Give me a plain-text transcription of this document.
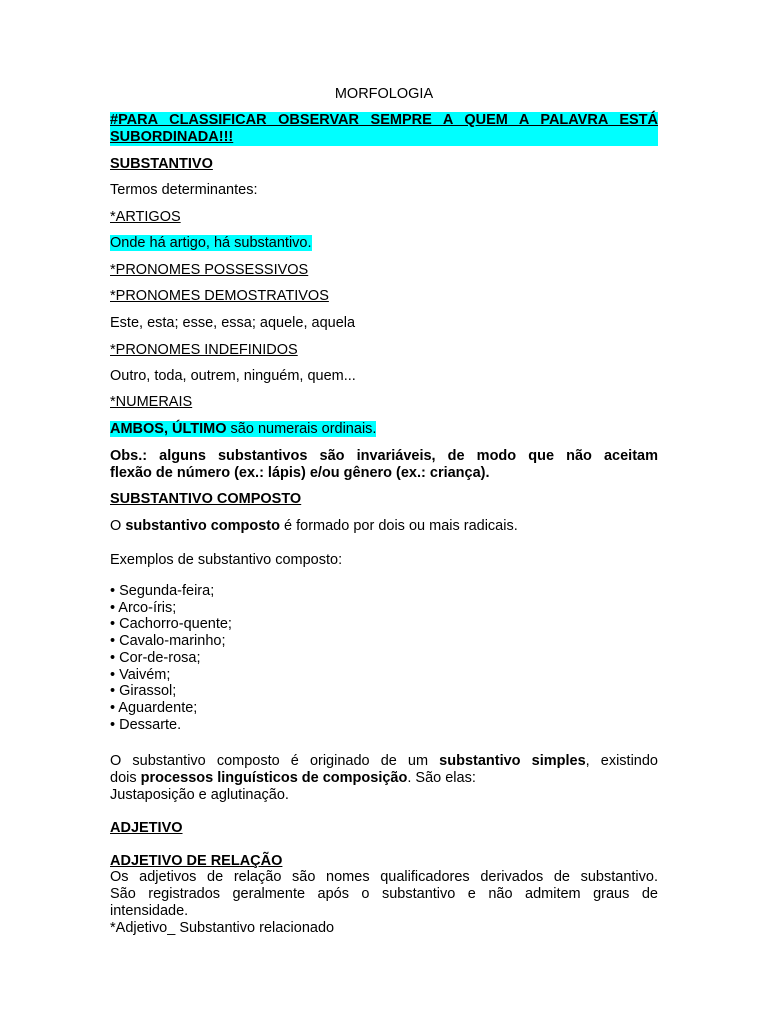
MORFOLOGIA

#PARA CLASSIFICAR OBSERVAR SEMPRE A QUEM A PALAVRA ESTÁ

SUBORDINADA!!!

SUBSTANTIVO

Termos determinantes:

*ARTIGOS

Onde há artigo, há substantivo.

*PRONOMES POSSESSIVOS

*PRONOMES DEMOSTRATIVOS

Este, esta; esse, essa; aquele, aquela

*PRONOMES INDEFINIDOS

Outro, toda, outrem, ninguém, quem...

*NUMERAIS

AMBOS, ÚLTIMO são numerais ordinais.

Obs.: alguns substantivos são invariáveis, de modo que não aceitam

flexão de número (ex.: lápis) e/ou gênero (ex.: criança).

SUBSTANTIVO COMPOSTO

O substantivo composto é formado por dois ou mais radicais.

Exemplos de substantivo composto:

• Segunda-feira;
• Arco-íris;
• Cachorro-quente;
• Cavalo-marinho;
• Cor-de-rosa;
• Vaivém;
• Girassol;
• Aguardente;
• Dessarte.

O substantivo composto é originado de um substantivo simples, existindo

dois processos linguísticos de composição. São elas:

Justaposição e aglutinação.

ADJETIVO

ADJETIVO DE RELAÇÃO

Os adjetivos de relação são nomes qualificadores derivados de substantivo.

São registrados geralmente após o substantivo e não admitem graus de

intensidade.

*Adjetivo_ Substantivo relacionado
